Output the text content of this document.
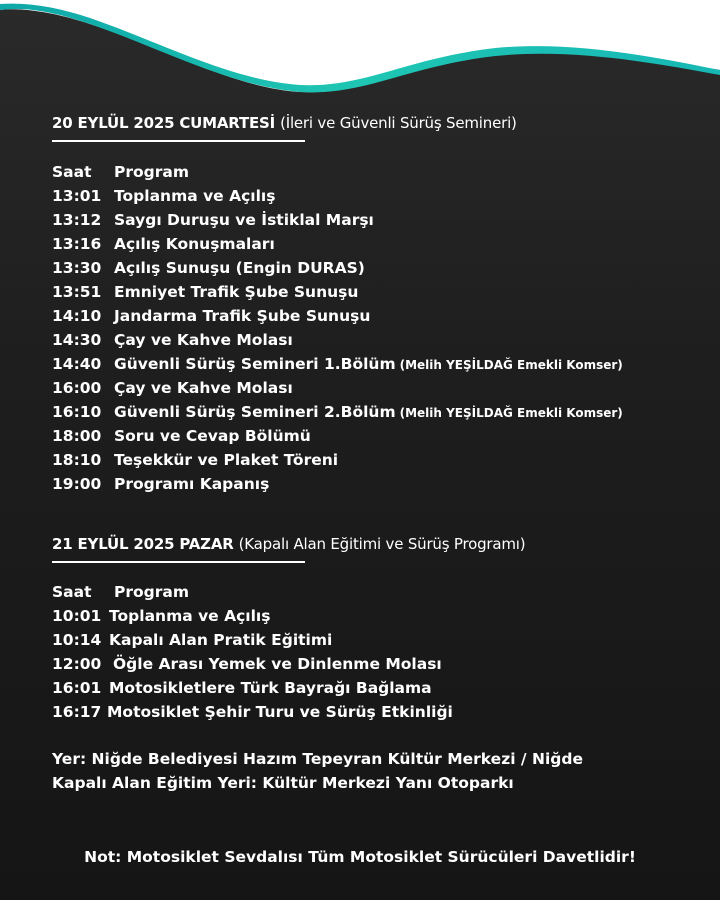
20 EYLÜL 2025 CUMARTESİ (İleri ve Güvenli Sürüş Semineri)
Saat Program
13:01 Toplanma ve Açılış
13:12 Saygı Duruşu ve İstiklal Marşı
13:16 Açılış Konuşmaları
13:30 Açılış Sunuşu (Engin DURAS)
13:51 Emniyet Trafik Şube Sunuşu
14:10 Jandarma Trafik Şube Sunuşu
14:30 Çay ve Kahve Molası
14:40 Güvenli Sürüş Semineri 1.Bölüm (Melih YEŞİLDAĞ Emekli Komser)
16:00 Çay ve Kahve Molası
16:10 Güvenli Sürüş Semineri 2.Bölüm (Melih YEŞİLDAĞ Emekli Komser)
18:00 Soru ve Cevap Bölümü
18:10 Teşekkür ve Plaket Töreni
19:00 Programı Kapanış
21 EYLÜL 2025 PAZAR (Kapalı Alan Eğitimi ve Sürüş Programı)
Saat Program
10:01 Toplanma ve Açılış
10:14 Kapalı Alan Pratik Eğitimi
12:00 Öğle Arası Yemek ve Dinlenme Molası
16:01 Motosikletlere Türk Bayrağı Bağlama
16:17 Motosiklet Şehir Turu ve Sürüş Etkinliği
Yer: Niğde Belediyesi Hazım Tepeyran Kültür Merkezi / Niğde
Kapalı Alan Eğitim Yeri: Kültür Merkezi Yanı Otoparkı
Not: Motosiklet Sevdalısı Tüm Motosiklet Sürücüleri Davetlidir!
